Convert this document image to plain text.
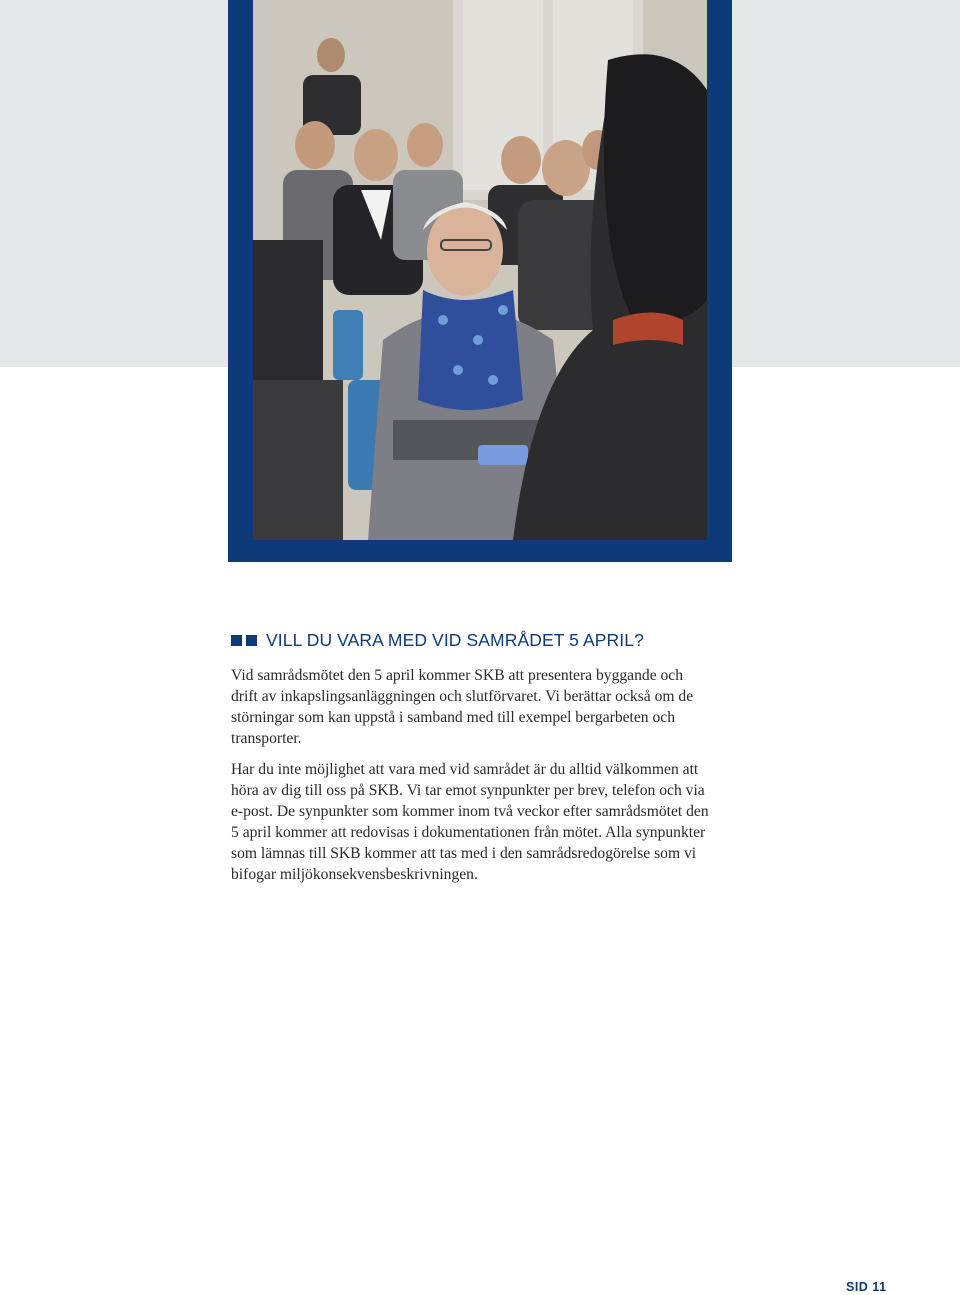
VILL DU VARA MED VID SAMRÅDET 5 APRIL?

Vid samrådsmötet den 5 april kommer SKB att presentera byggande och
drift av inkapslingsanläggningen och slutförvaret. Vi berättar också om de
störningar som kan uppstå i samband med till exempel bergarbeten och
transporter.

Har du inte möjlighet att vara med vid samrådet är du alltid välkommen att
höra av dig till oss på SKB. Vi tar emot synpunkter per brev, telefon och via
e-post. De synpunkter som kommer inom två veckor efter samrådsmötet den
5 april kommer att redovisas i dokumentationen från mötet. Alla synpunkter
som lämnas till SKB kommer att tas med i den samrådsredogörelse som vi
bifogar miljökonsekvensbeskrivningen.

SID 11
